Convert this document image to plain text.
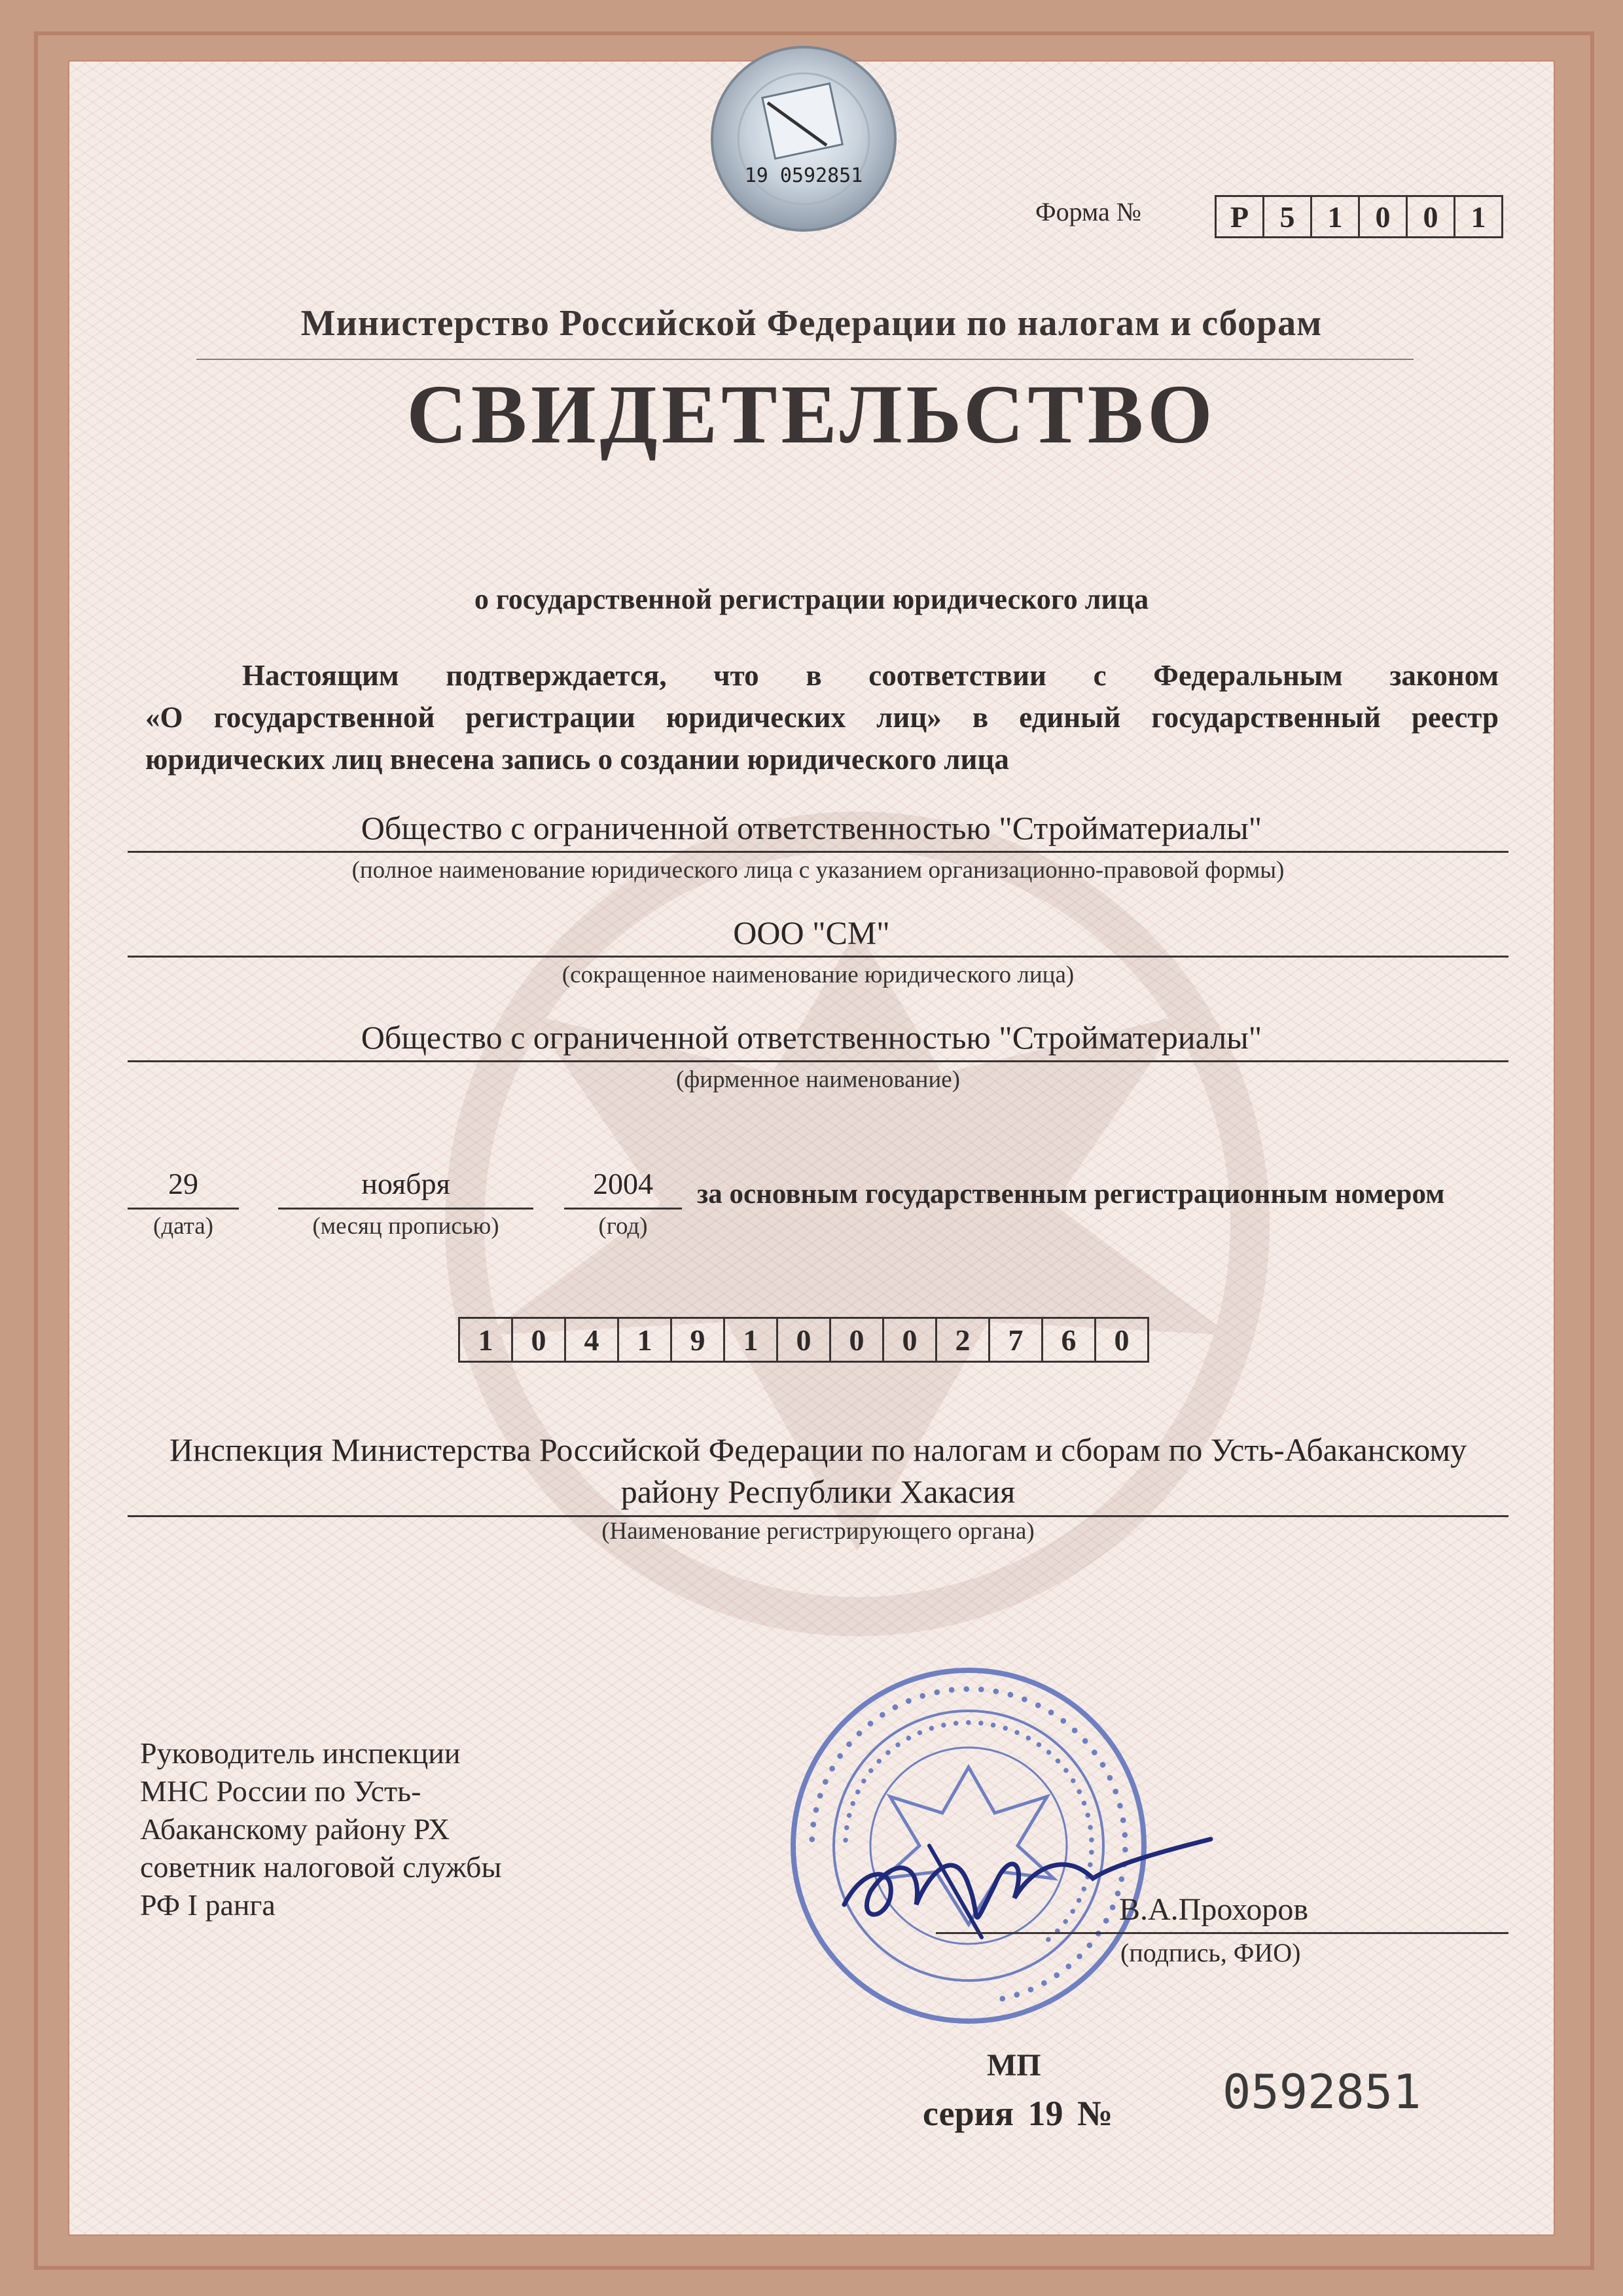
19 0592851
Форма №	Р	5	1	0	0	1
Министерство Российской Федерации по налогам и сборам
СВИДЕТЕЛЬСТВО
о государственной регистрации юридического лица
Настоящим подтверждается, что в соответствии с Федеральным законом
«О государственной регистрации юридических лиц» в единый государственный реестр
юридических лиц внесена запись о создании юридического лица
Общество с ограниченной ответственностью "Стройматериалы"
(полное наименование юридического лица с указанием организационно-правовой формы)
ООО "СМ"
(сокращенное наименование юридического лица)
Общество с ограниченной ответственностью "Стройматериалы"
(фирменное наименование)
29
(дата)
ноября
(месяц прописью)
2004
(год)
за основным государственным регистрационным номером
1	0	4	1	9	1	0	0	0	2	7	6	0
Инспекция Министерства Российской Федерации по налогам и сборам по Усть-Абаканскому
району Республики Хакасия
(Наименование регистрирующего органа)
Руководитель инспекции
МНС России по Усть-
Абаканскому району РХ
советник налоговой службы
РФ I ранга
∙∙∙∙∙∙∙∙∙∙∙∙∙∙∙∙∙∙∙∙∙∙∙∙∙∙∙∙∙∙∙∙∙∙∙∙∙∙∙∙∙∙∙∙∙∙∙∙
∙∙∙∙∙∙∙∙∙∙∙∙∙∙∙∙∙∙∙∙∙∙∙∙∙∙∙∙∙∙∙∙∙∙∙∙∙∙∙∙
В.А.Прохоров
(подпись, ФИО)
МП
серия 19 № 0592851
